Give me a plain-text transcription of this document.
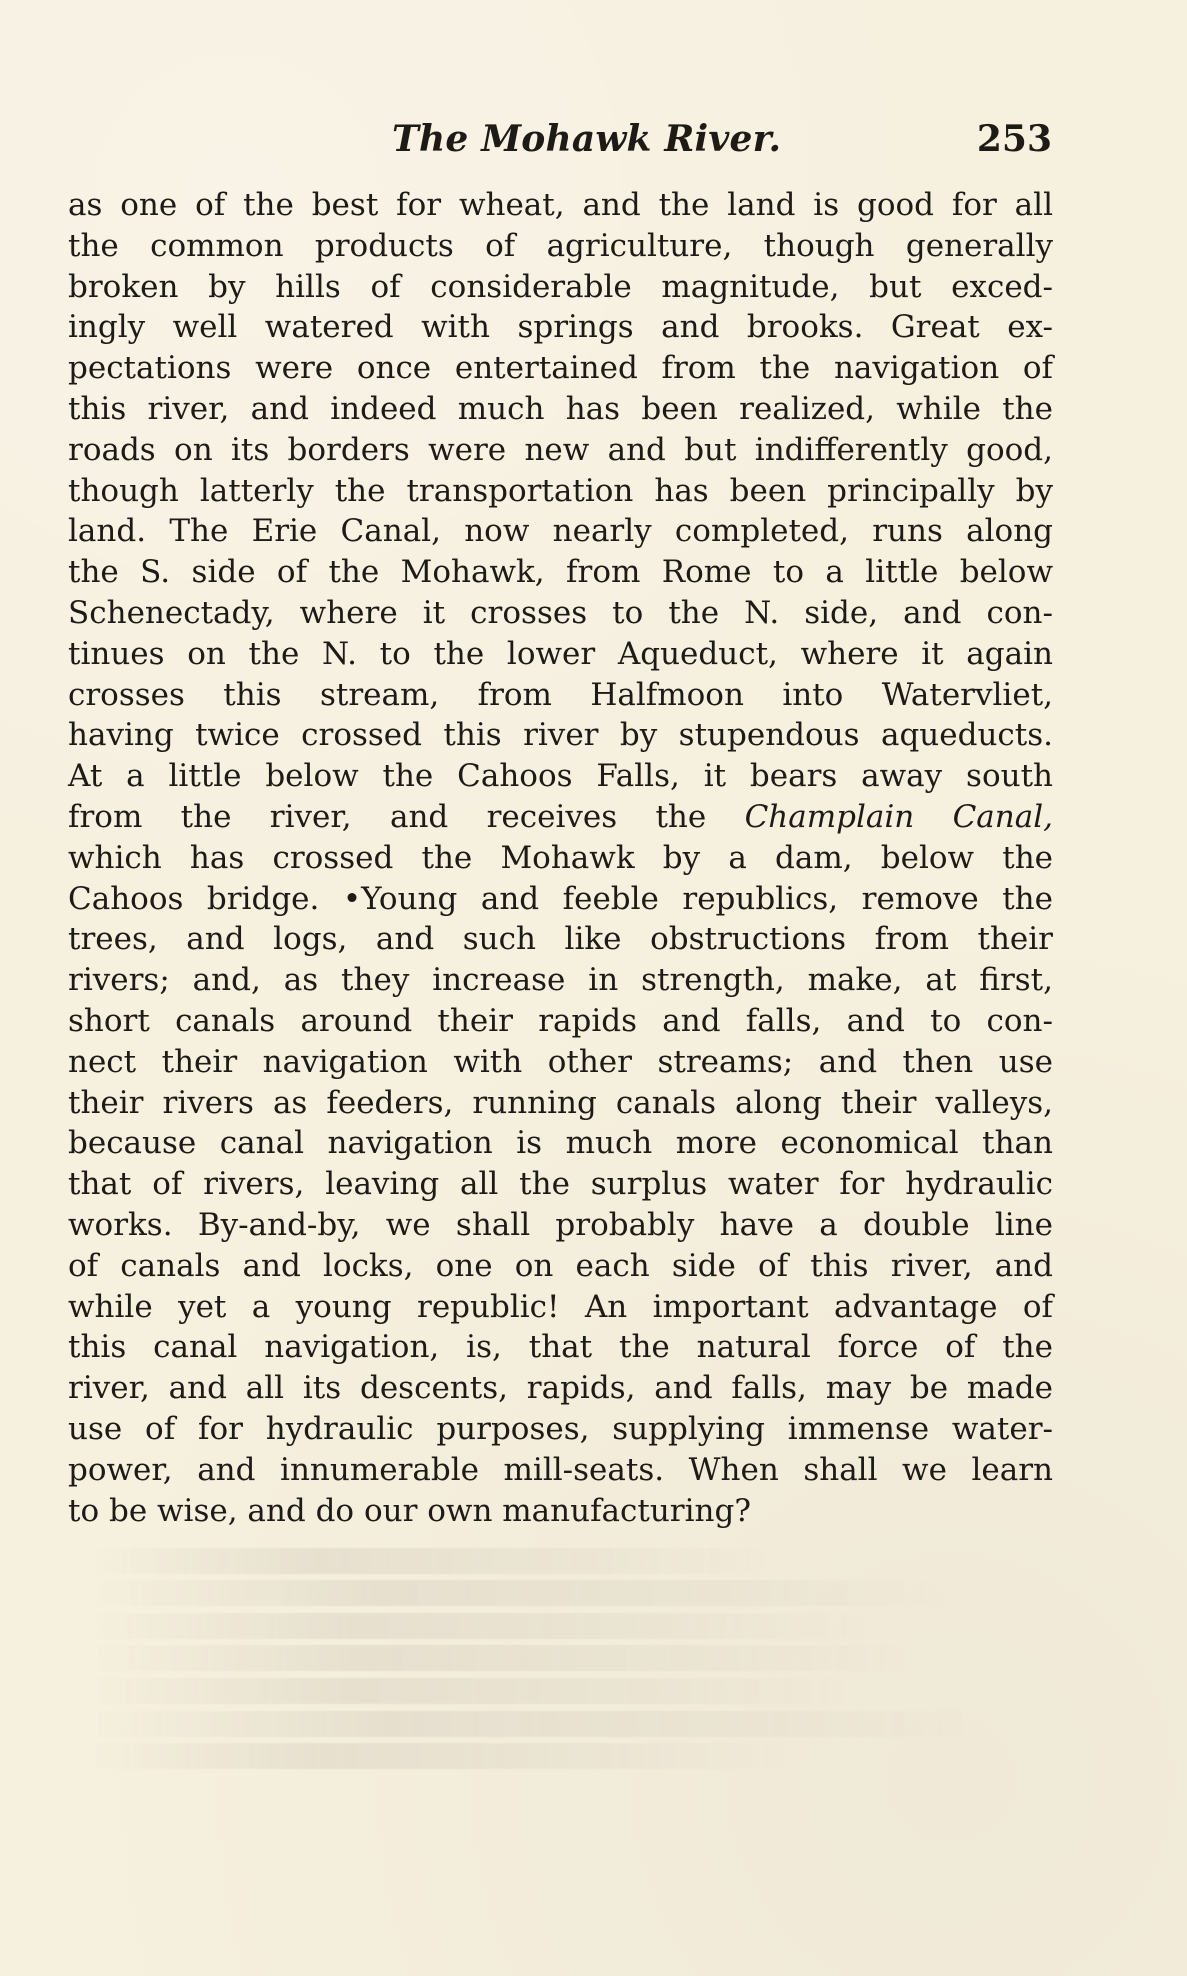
The Mohawk River.	253
as one of the best for wheat, and the land is good for all
the common products of agriculture, though generally
broken by hills of considerable magnitude, but exced-
ingly well watered with springs and brooks. Great ex-
pectations were once entertained from the navigation of
this river, and indeed much has been realized, while the
roads on its borders were new and but indifferently good,
though latterly the transportation has been principally by
land. The Erie Canal, now nearly completed, runs along
the S. side of the Mohawk, from Rome to a little below
Schenectady, where it crosses to the N. side, and con-
tinues on the N. to the lower Aqueduct, where it again
crosses this stream, from Halfmoon into Watervliet,
having twice crossed this river by stupendous aqueducts.
At a little below the Cahoos Falls, it bears away south
from the river, and receives the Champlain Canal,
which has crossed the Mohawk by a dam, below the
Cahoos bridge. •Young and feeble republics, remove the
trees, and logs, and such like obstructions from their
rivers; and, as they increase in strength, make, at first,
short canals around their rapids and falls, and to con-
nect their navigation with other streams; and then use
their rivers as feeders, running canals along their valleys,
because canal navigation is much more economical than
that of rivers, leaving all the surplus water for hydraulic
works. By-and-by, we shall probably have a double line
of canals and locks, one on each side of this river, and
while yet a young republic! An important advantage of
this canal navigation, is, that the natural force of the
river, and all its descents, rapids, and falls, may be made
use of for hydraulic purposes, supplying immense water-
power, and innumerable mill-seats. When shall we learn
to be wise, and do our own manufacturing?
